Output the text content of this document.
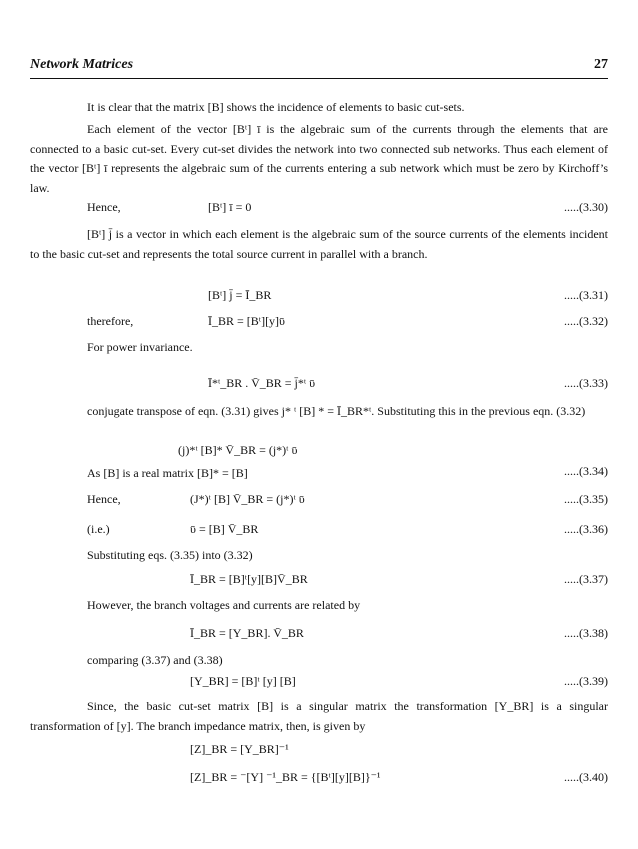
Network Matrices	27
It is clear that the matrix [B] shows the incidence of elements to basic cut-sets.
Each element of the vector [Bᵗ] ī is the algebraic sum of the currents through the elements that are connected to a basic cut-set. Every cut-set divides the network into two connected sub networks. Thus each element of the vector [Bᵗ] ī represents the algebraic sum of the currents entering a sub network which must be zero by Kirchoff’s law.
Hence,	[Bᵗ] ī = 0	.....(3.30)
[Bᵗ] j̄ is a vector in which each element is the algebraic sum of the source currents of the elements incident to the basic cut-set and represents the total source current in parallel with a branch.
[Bᵗ] j̄ = Ī_BR	.....(3.31)
therefore,	Ī_BR = [Bᵗ][y]ῡ	.....(3.32)
For power invariance.
Ī*ᵗ_BR . V̄_BR = j̄*ᵗ ῡ	.....(3.33)
conjugate transpose of eqn. (3.31) gives j* ᵗ [B] * = Ī_BR*ᵗ. Substituting this in the previous eqn. (3.32)
(j)*ᵗ [B]* V̄_BR = (j*)ᵗ ῡ
.....(3.34)
As [B] is a real matrix [B]* = [B]
Hence,	(J*)ᵗ [B] V̄_BR = (j*)ᵗ ῡ	.....(3.35)
(i.e.)	ῡ = [B] V̄_BR	.....(3.36)
Substituting eqs. (3.35) into (3.32)
Ī_BR = [B]ᵗ[y][B]V̄_BR	.....(3.37)
However, the branch voltages and currents are related by
Ī_BR = [Y_BR]. V̄_BR	.....(3.38)
comparing (3.37) and (3.38)
[Y_BR] = [B]ᵗ [y] [B]	.....(3.39)
Since, the basic cut-set matrix [B] is a singular matrix the transformation [Y_BR] is a singular transformation of [y]. The branch impedance matrix, then, is given by
[Z]_BR = [Y_BR]⁻¹
[Z]_BR = ⁻[Y] ⁻¹_BR = {[Bᵗ][y][B]}⁻¹	.....(3.40)
